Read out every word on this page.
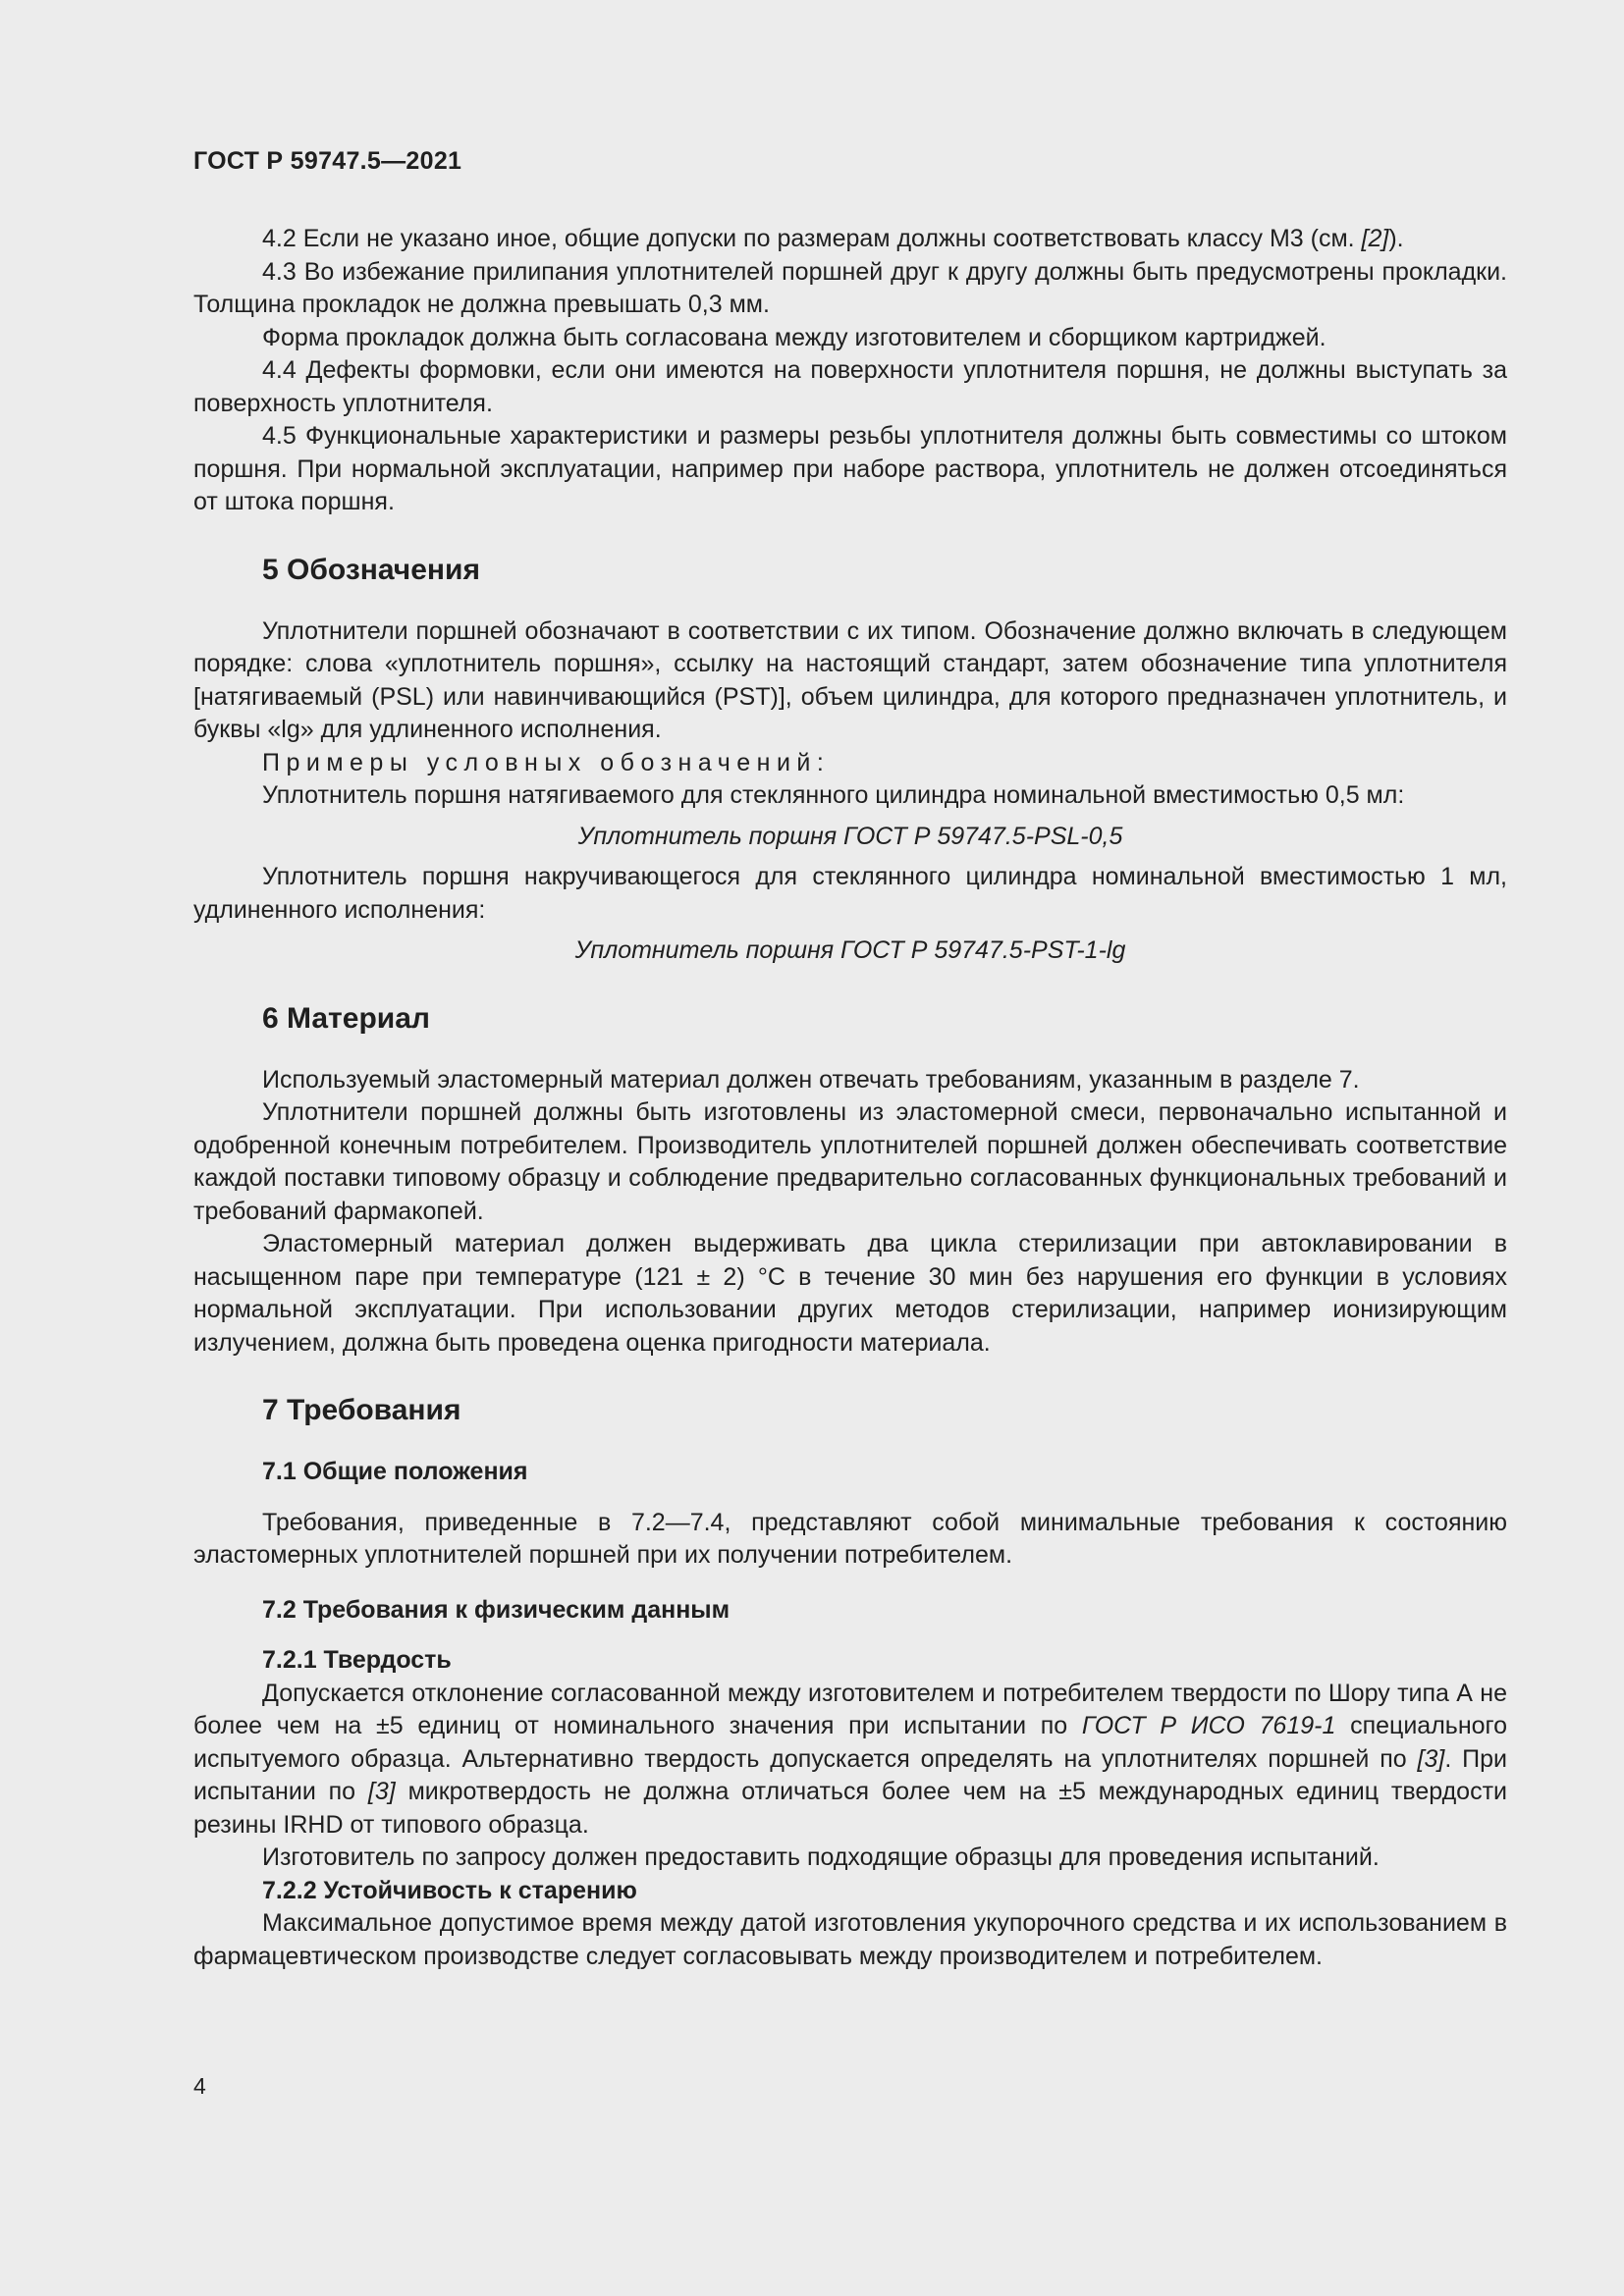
ГОСТ Р 59747.5—2021

4.2 Если не указано иное, общие допуски по размерам должны соответствовать классу М3 (см. [2]).

4.3 Во избежание прилипания уплотнителей поршней друг к другу должны быть предусмотрены прокладки. Толщина прокладок не должна превышать 0,3 мм.

Форма прокладок должна быть согласована между изготовителем и сборщиком картриджей.

4.4 Дефекты формовки, если они имеются на поверхности уплотнителя поршня, не должны выступать за поверхность уплотнителя.

4.5 Функциональные характеристики и размеры резьбы уплотнителя должны быть совместимы со штоком поршня. При нормальной эксплуатации, например при наборе раствора, уплотнитель не должен отсоединяться от штока поршня.

5 Обозначения

Уплотнители поршней обозначают в соответствии с их типом. Обозначение должно включать в следующем порядке: слова «уплотнитель поршня», ссылку на настоящий стандарт, затем обозначение типа уплотнителя [натягиваемый (PSL) или навинчивающийся (PST)], объем цилиндра, для которого предназначен уплотнитель, и буквы «lg» для удлиненного исполнения.

Примеры условных обозначений:

Уплотнитель поршня натягиваемого для стеклянного цилиндра номинальной вместимостью 0,5 мл:

Уплотнитель поршня ГОСТ Р 59747.5-PSL-0,5

Уплотнитель поршня накручивающегося для стеклянного цилиндра номинальной вместимостью 1 мл, удлиненного исполнения:

Уплотнитель поршня ГОСТ Р 59747.5-PST-1-lg

6 Материал

Используемый эластомерный материал должен отвечать требованиям, указанным в разделе 7.

Уплотнители поршней должны быть изготовлены из эластомерной смеси, первоначально испытанной и одобренной конечным потребителем. Производитель уплотнителей поршней должен обеспечивать соответствие каждой поставки типовому образцу и соблюдение предварительно согласованных функциональных требований и требований фармакопей.

Эластомерный материал должен выдерживать два цикла стерилизации при автоклавировании в насыщенном паре при температуре (121 ± 2) °С в течение 30 мин без нарушения его функции в условиях нормальной эксплуатации. При использовании других методов стерилизации, например ионизирующим излучением, должна быть проведена оценка пригодности материала.

7 Требования
7.1 Общие положения

Требования, приведенные в 7.2—7.4, представляют собой минимальные требования к состоянию эластомерных уплотнителей поршней при их получении потребителем.

7.2 Требования к физическим данным
7.2.1 Твердость

Допускается отклонение согласованной между изготовителем и потребителем твердости по Шору типа А не более чем на ±5 единиц от номинального значения при испытании по ГОСТ Р ИСО 7619-1 специального испытуемого образца. Альтернативно твердость допускается определять на уплотнителях поршней по [3]. При испытании по [3] микротвердость не должна отличаться более чем на ±5 международных единиц твердости резины IRHD от типового образца.

Изготовитель по запросу должен предоставить подходящие образцы для проведения испытаний.

7.2.2 Устойчивость к старению

Максимальное допустимое время между датой изготовления укупорочного средства и их использованием в фармацевтическом производстве следует согласовывать между производителем и потребителем.

4
